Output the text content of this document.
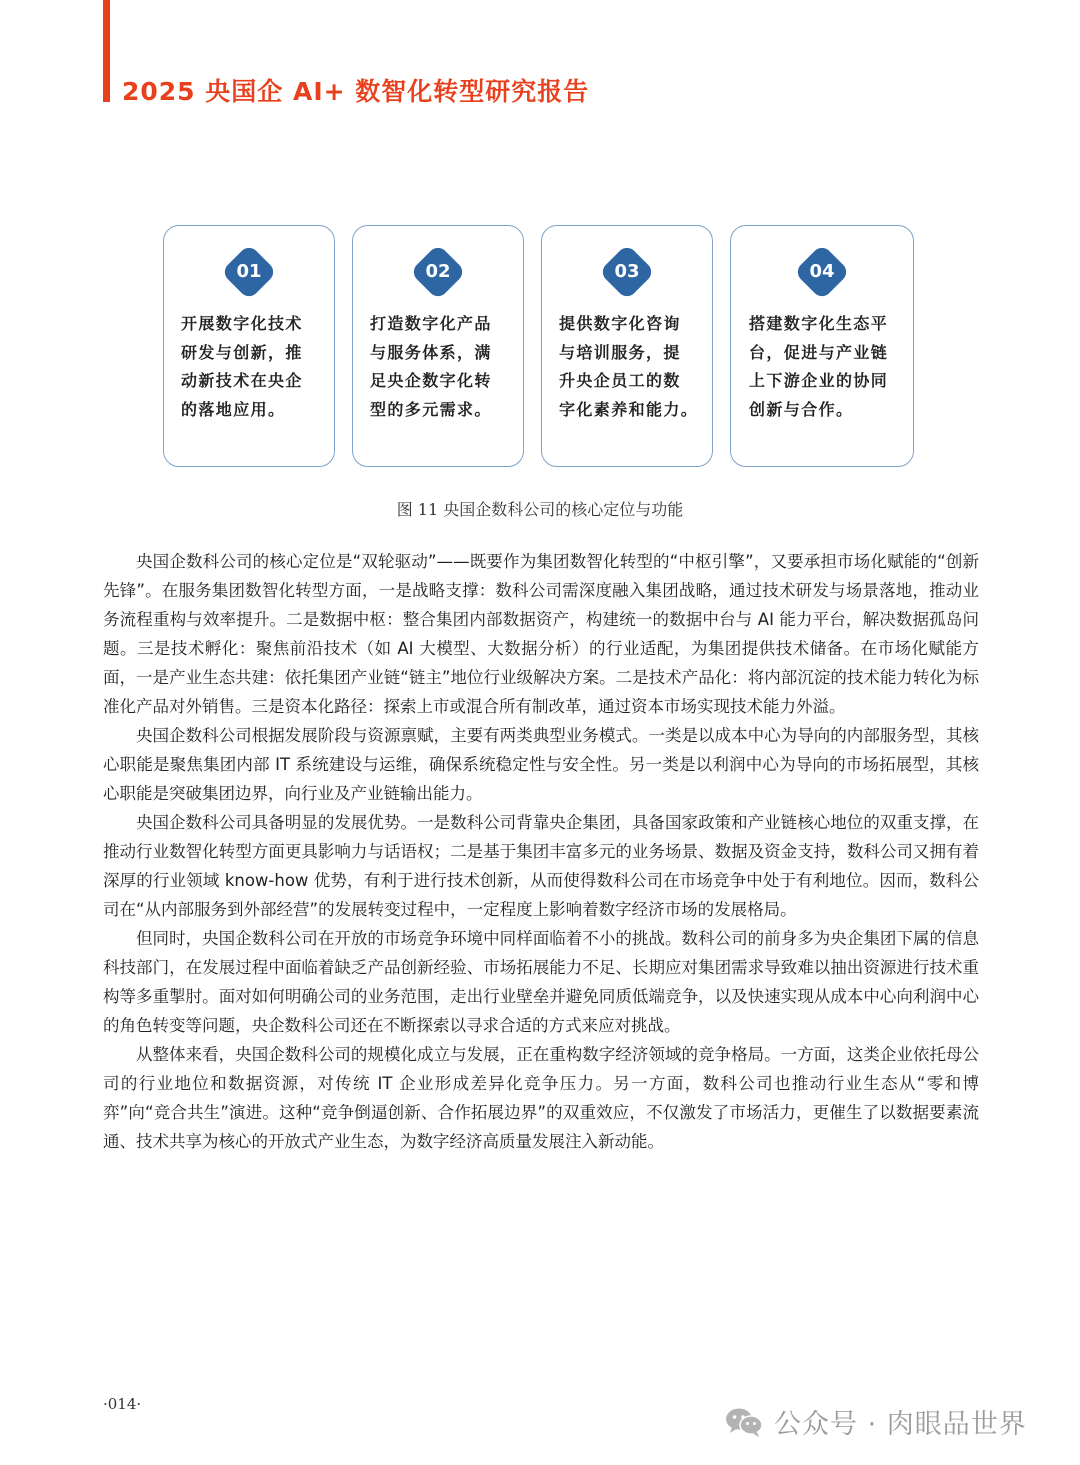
2025 央国企 AI+ 数智化转型研究报告
01
开展数字化技术
研发与创新，推
动新技术在央企
的落地应用。
02
打造数字化产品
与服务体系，满
足央企数字化转
型的多元需求。
03
提供数字化咨询
与培训服务，提
升央企员工的数
字化素养和能力。
04
搭建数字化生态平
台，促进与产业链
上下游企业的协同
创新与合作。
图 11 央国企数科公司的核心定位与功能

央国企数科公司的核心定位是“双轮驱动”——既要作为集团数智化转型的“中枢引擎”，又要承担市场化赋能的“创新先锋”。在服务集团数智化转型方面，一是战略支撑：数科公司需深度融入集团战略，通过技术研发与场景落地，推动业务流程重构与效率提升。二是数据中枢：整合集团内部数据资产，构建统一的数据中台与 AI 能力平台，解决数据孤岛问题。三是技术孵化：聚焦前沿技术（如 AI 大模型、大数据分析）的行业适配，为集团提供技术储备。在市场化赋能方面，一是产业生态共建：依托集团产业链“链主”地位行业级解决方案。二是技术产品化：将内部沉淀的技术能力转化为标准化产品对外销售。三是资本化路径：探索上市或混合所有制改革，通过资本市场实现技术能力外溢。

央国企数科公司根据发展阶段与资源禀赋，主要有两类典型业务模式。一类是以成本中心为导向的内部服务型，其核心职能是聚焦集团内部 IT 系统建设与运维，确保系统稳定性与安全性。另一类是以利润中心为导向的市场拓展型，其核心职能是突破集团边界，向行业及产业链输出能力。

央国企数科公司具备明显的发展优势。一是数科公司背靠央企集团，具备国家政策和产业链核心地位的双重支撑，在推动行业数智化转型方面更具影响力与话语权；二是基于集团丰富多元的业务场景、数据及资金支持，数科公司又拥有着深厚的行业领域 know-how 优势，有利于进行技术创新，从而使得数科公司在市场竞争中处于有利地位。因而，数科公司在“从内部服务到外部经营”的发展转变过程中，一定程度上影响着数字经济市场的发展格局。

但同时，央国企数科公司在开放的市场竞争环境中同样面临着不小的挑战。数科公司的前身多为央企集团下属的信息科技部门，在发展过程中面临着缺乏产品创新经验、市场拓展能力不足、长期应对集团需求导致难以抽出资源进行技术重构等多重掣肘。面对如何明确公司的业务范围，走出行业壁垒并避免同质低端竞争，以及快速实现从成本中心向利润中心的角色转变等问题，央企数科公司还在不断探索以寻求合适的方式来应对挑战。

从整体来看，央国企数科公司的规模化成立与发展，正在重构数字经济领域的竞争格局。一方面，这类企业依托母公司的行业地位和数据资源，对传统 IT 企业形成差异化竞争压力。另一方面，数科公司也推动行业生态从“零和博弈”向“竞合共生”演进。这种“竞争倒逼创新、合作拓展边界”的双重效应，不仅激发了市场活力，更催生了以数据要素流通、技术共享为核心的开放式产业生态，为数字经济高质量发展注入新动能。

·014·
公众号 · 肉眼品世界
